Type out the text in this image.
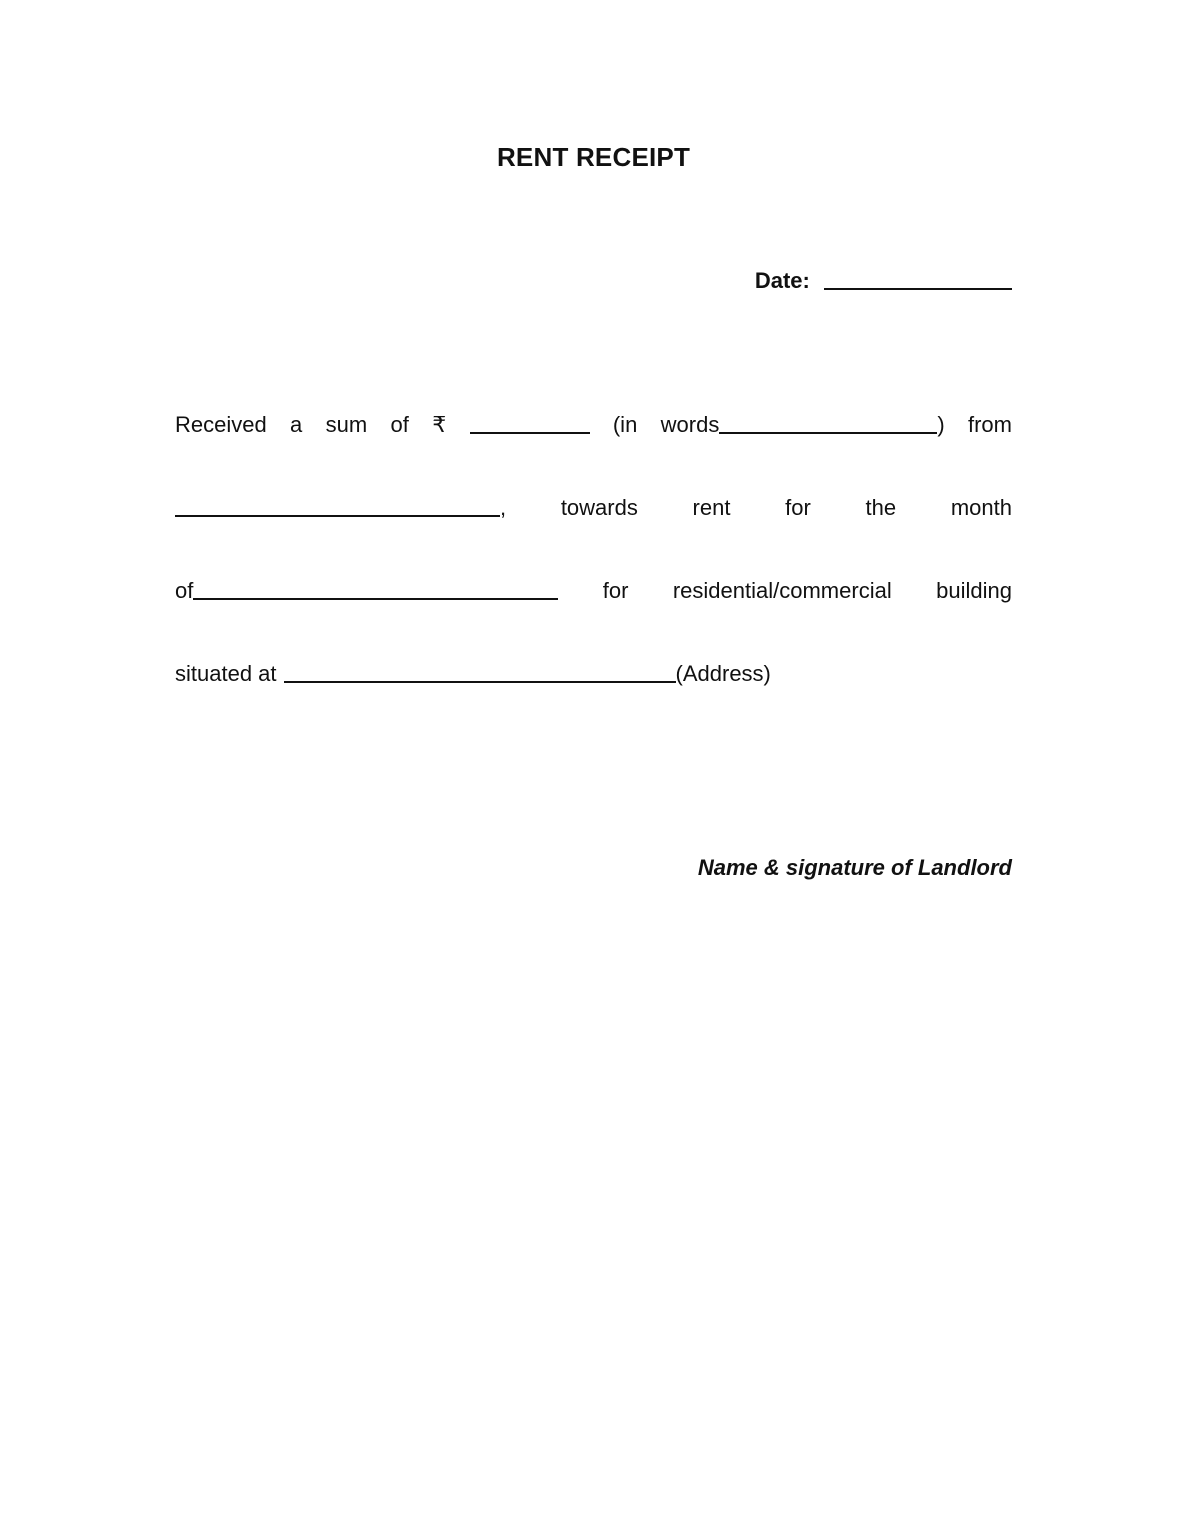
RENT RECEIPT
Date:
Received a sum of ₹	(in words	) from
, towards rent for the month
of	for residential/commercial building
situated at	(Address)
Name & signature of Landlord
